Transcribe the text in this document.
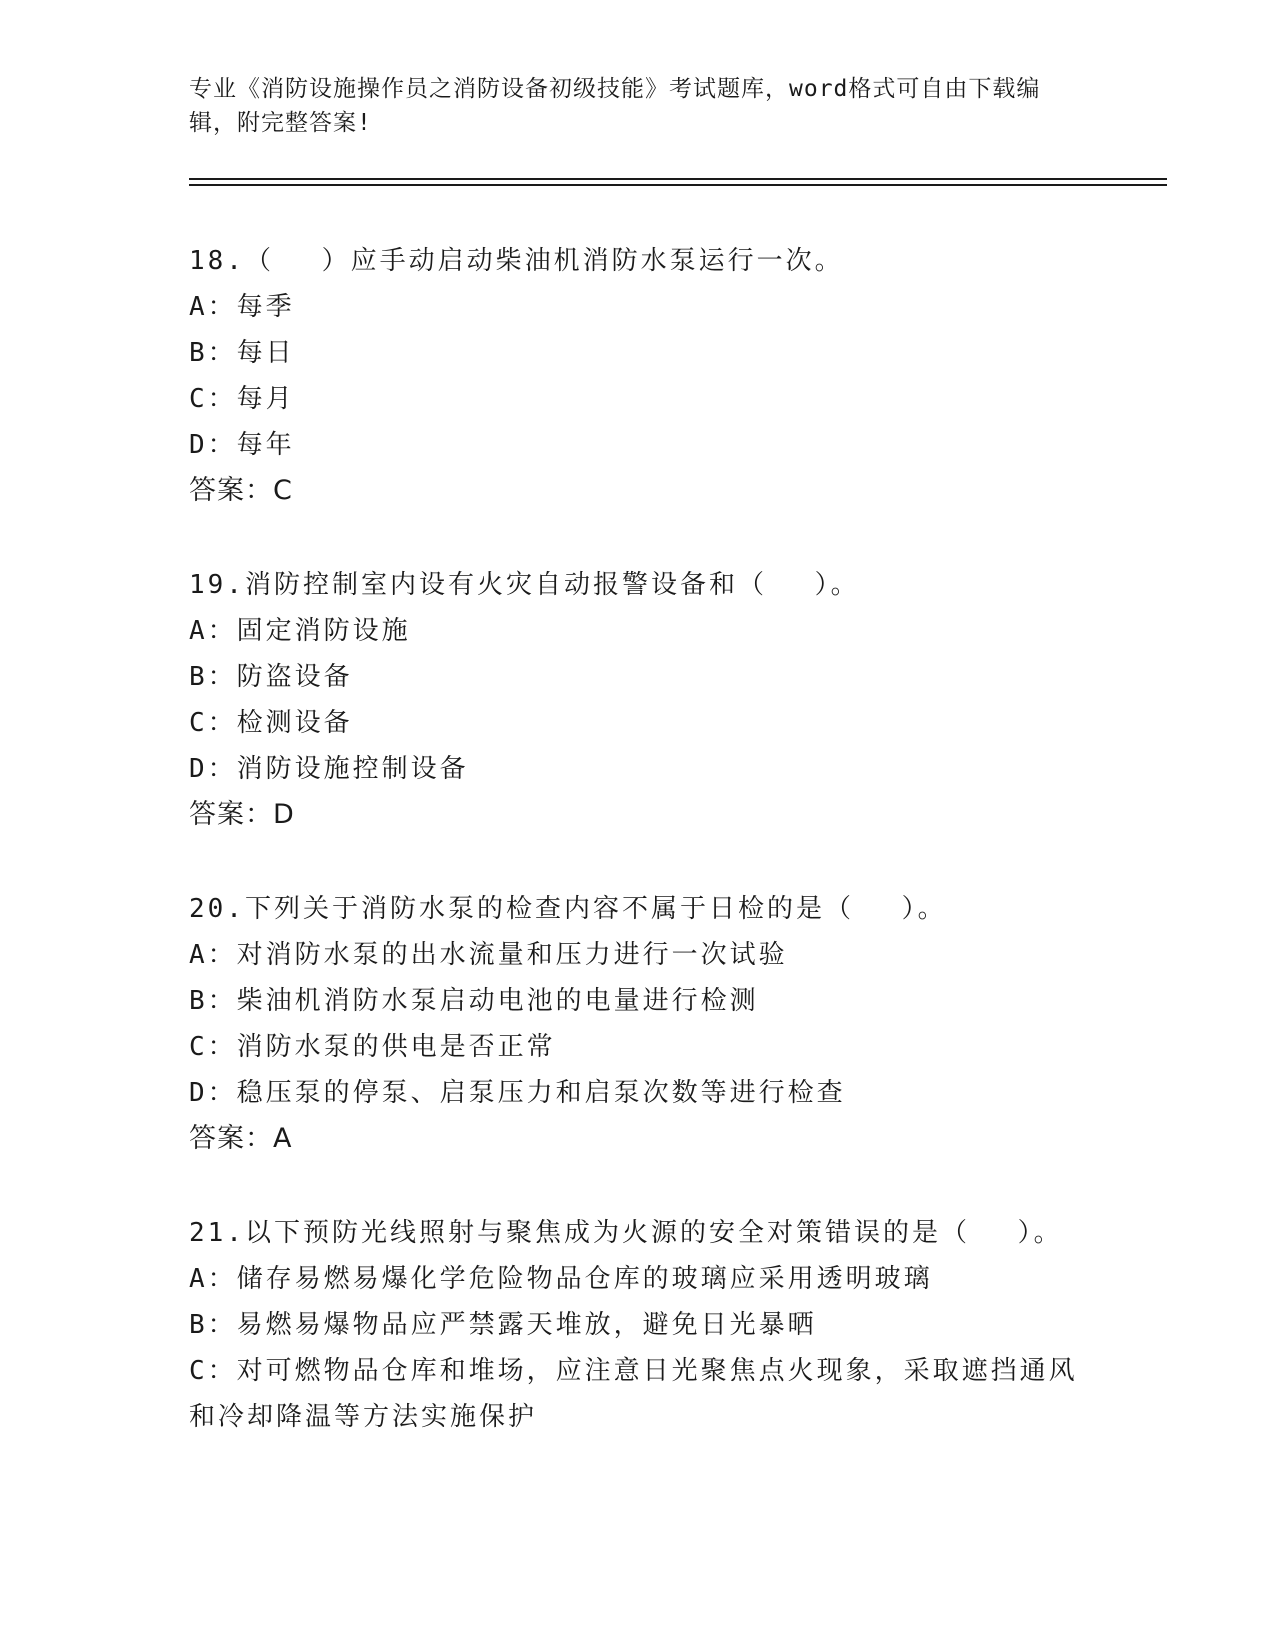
专业《消防设施操作员之消防设备初级技能》考试题库，word格式可自由下载编辑，附完整答案!
18.（　 ）应手动启动柴油机消防水泵运行一次。
A：每季
B：每日
C：每月
D：每年
答案：C
19.消防控制室内设有火灾自动报警设备和（　 ）。
A：固定消防设施
B：防盗设备
C：检测设备
D：消防设施控制设备
答案：D
20.下列关于消防水泵的检查内容不属于日检的是（　 ）。
A：对消防水泵的出水流量和压力进行一次试验
B：柴油机消防水泵启动电池的电量进行检测
C：消防水泵的供电是否正常
D：稳压泵的停泵、启泵压力和启泵次数等进行检查
答案：A
21.以下预防光线照射与聚焦成为火源的安全对策错误的是（　 ）。
A：储存易燃易爆化学危险物品仓库的玻璃应采用透明玻璃
B：易燃易爆物品应严禁露天堆放，避免日光暴晒
C：对可燃物品仓库和堆场，应注意日光聚焦点火现象，采取遮挡通风和冷却降温等方法实施保护
